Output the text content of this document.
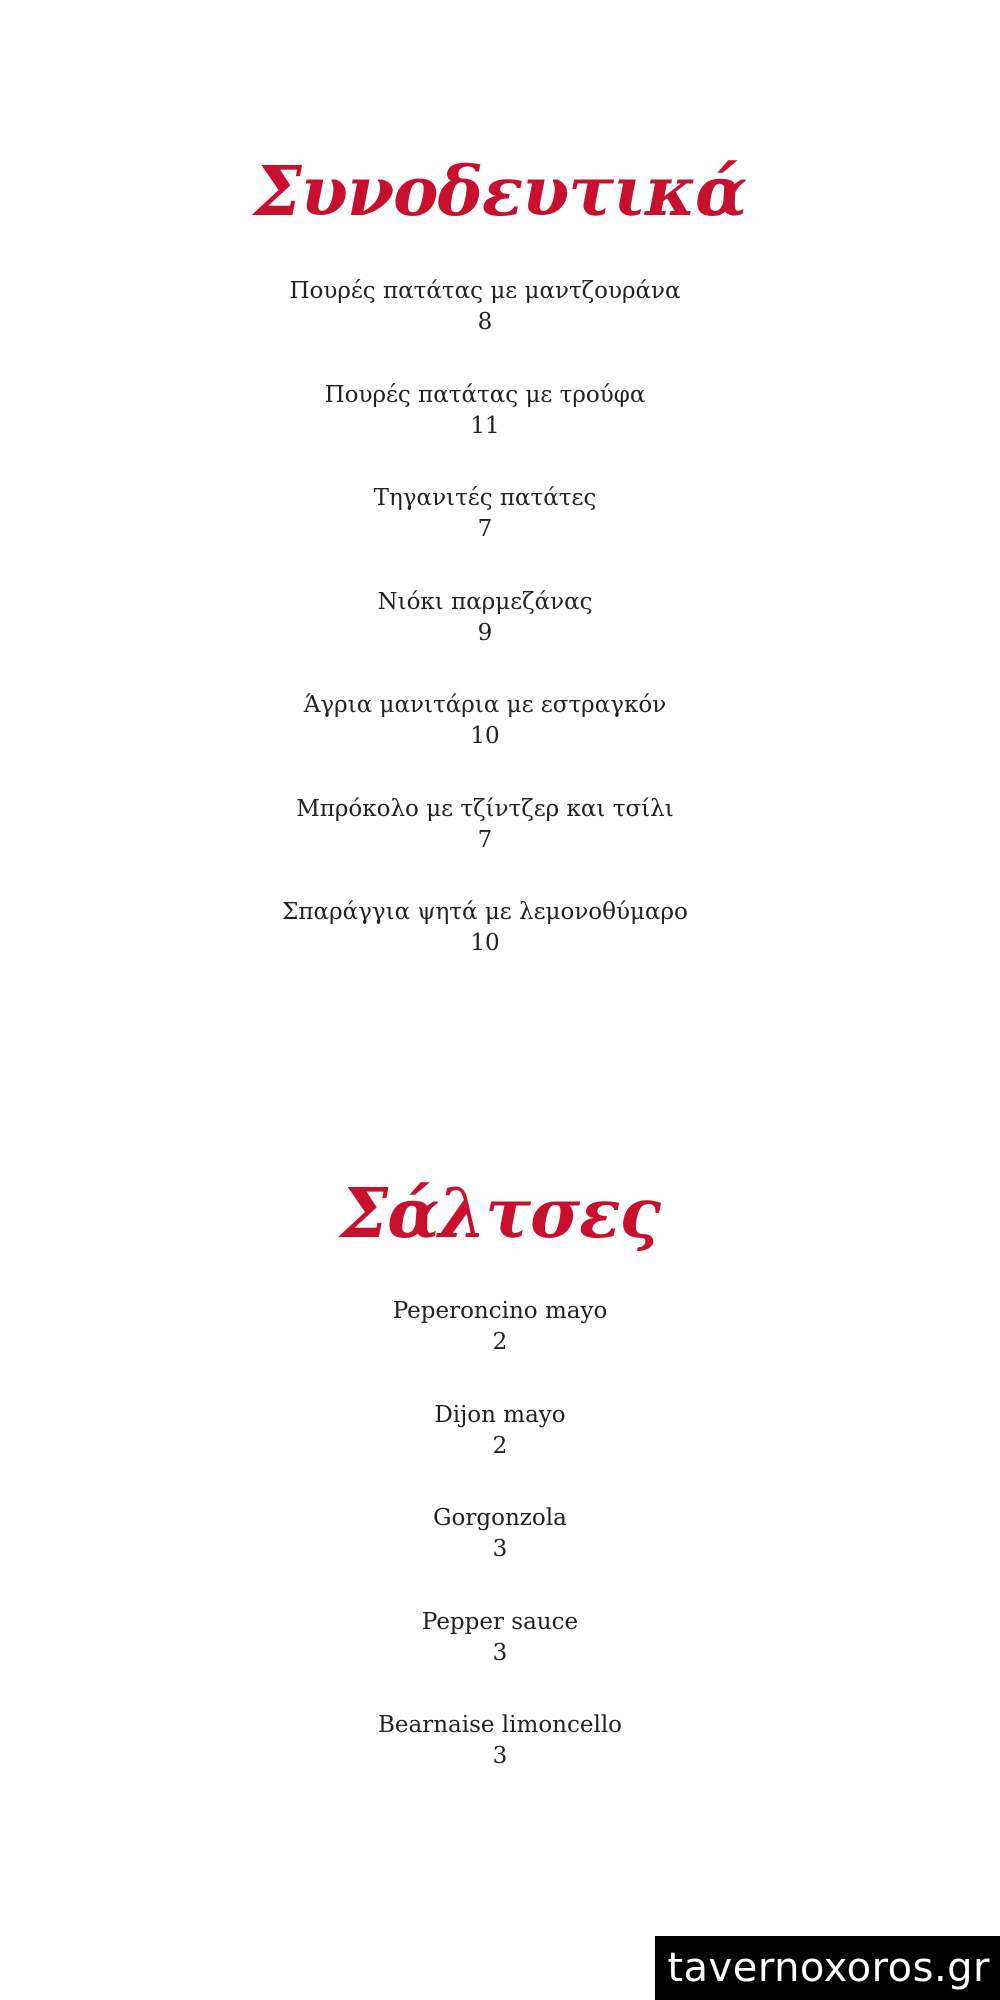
Συνοδευτικά
Πουρές πατάτας με μαντζουράνα
8
Πουρές πατάτας με τρούφα
11
Τηγανιτές πατάτες
7
Νιόκι παρμεζάνας
9
Άγρια μανιτάρια με εστραγκόν
10
Μπρόκολο με τζίντζερ και τσίλι
7
Σπαράγγια ψητά με λεμονοθύμαρο
10
Σάλτσες
Peperoncino mayo
2
Dijon mayo
2
Gorgonzola
3
Pepper sauce
3
Bearnaise limoncello
3
tavernoxoros.gr
